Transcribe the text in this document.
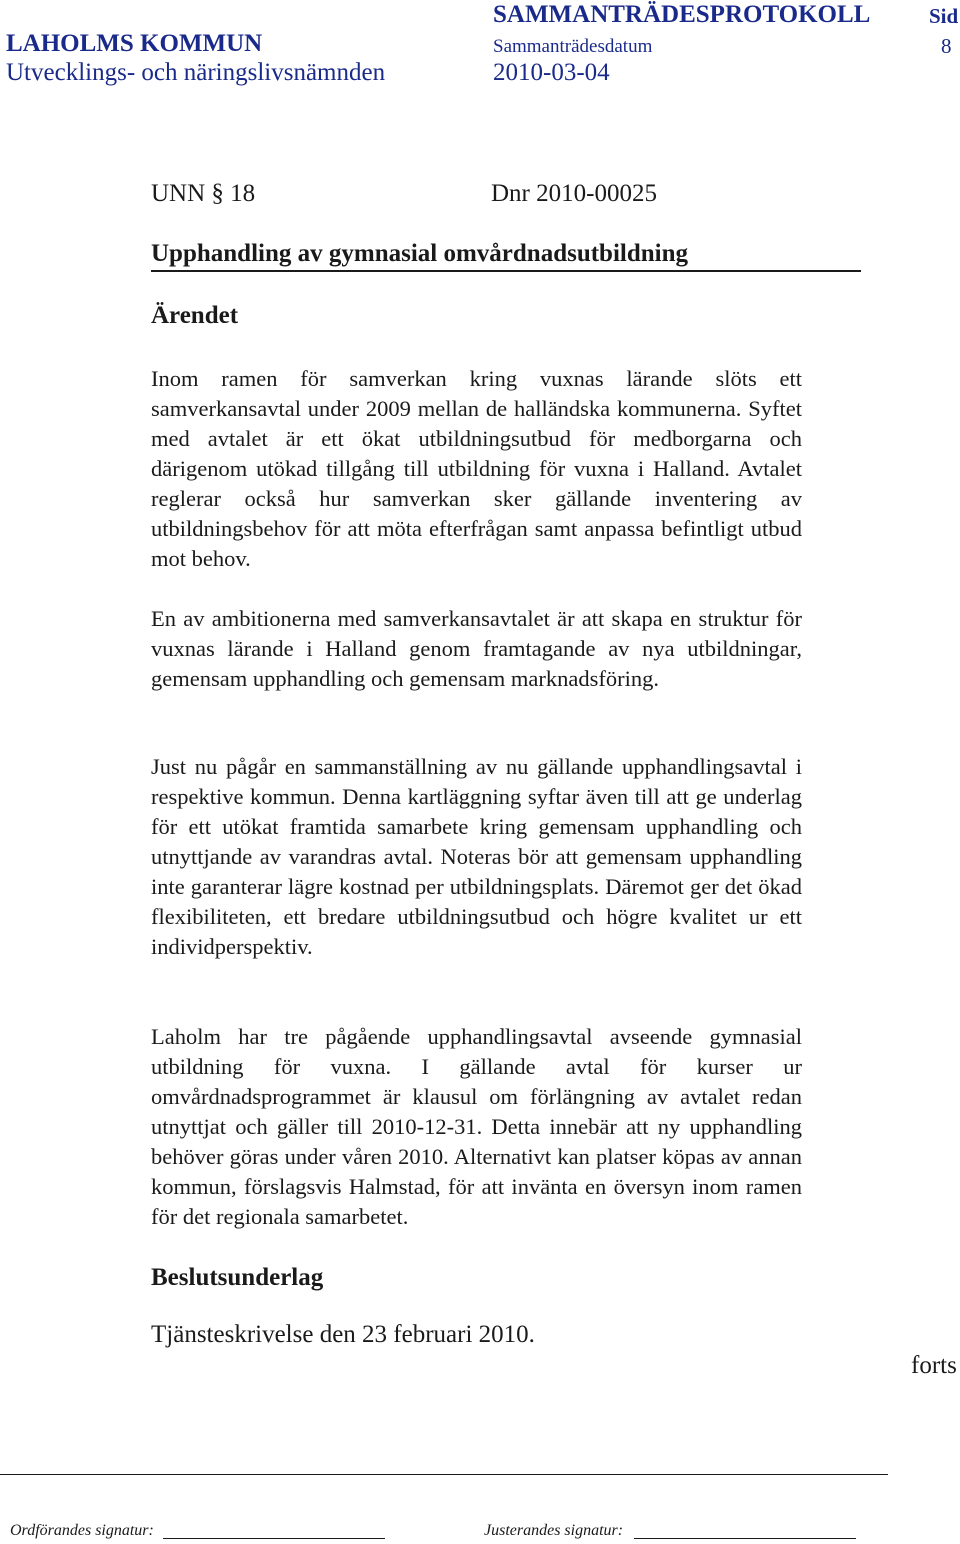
LAHOLMS KOMMUN
Utvecklings- och näringslivsnämnden
SAMMANTRÄDESPROTOKOLL	Sid
Sammanträdesdatum	8
2010-03-04
UNN § 18	Dnr 2010-00025
Upphandling av gymnasial omvårdnadsutbildning
Ärendet
Inom ramen för samverkan kring vuxnas lärande slöts ett samverkansavtal under 2009 mellan de halländska kommunerna. Syftet med avtalet är ett ökat utbildningsutbud för medborgarna och därigenom utökad tillgång till utbildning för vuxna i Halland. Avtalet reglerar också hur samverkan sker gällande inventering av utbildningsbehov för att möta efterfrågan samt anpassa befintligt utbud mot behov.
En av ambitionerna med samverkansavtalet är att skapa en struktur för vuxnas lärande i Halland genom framtagande av nya utbildningar, gemensam upphandling och gemensam marknadsföring.
Just nu pågår en sammanställning av nu gällande upphandlingsavtal i respektive kommun. Denna kartläggning syftar även till att ge underlag för ett utökat framtida samarbete kring gemensam upphandling och utnyttjande av varandras avtal. Noteras bör att gemensam upphandling inte garanterar lägre kostnad per utbildningsplats. Däremot ger det ökad flexibiliteten, ett bredare utbildningsutbud och högre kvalitet ur ett individperspektiv.
Laholm har tre pågående upphandlingsavtal avseende gymnasial utbildning för vuxna. I gällande avtal för kurser ur omvårdnadsprogrammet är klausul om förlängning av avtalet redan utnyttjat och gäller till 2010-12-31. Detta innebär att ny upphandling behöver göras under våren 2010. Alternativt kan platser köpas av annan kommun, förslagsvis Halmstad, för att invänta en översyn inom ramen för det regionala samarbetet.
Beslutsunderlag
Tjänsteskrivelse den 23 februari 2010.
forts
Ordförandes signatur:	Justerandes signatur:
